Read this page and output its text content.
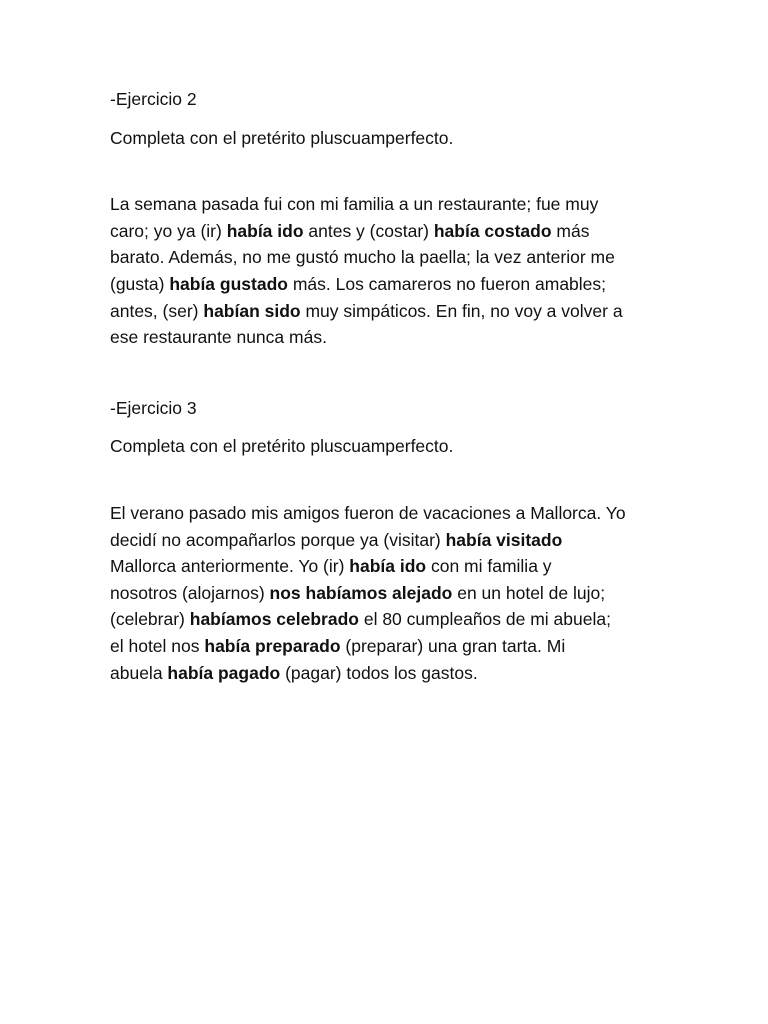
-Ejercicio 2
Completa con el pretérito pluscuamperfecto.
La semana pasada fui con mi familia a un restaurante; fue muy
caro; yo ya (ir) había ido antes y (costar) había costado más
barato. Además, no me gustó mucho la paella; la vez anterior me
(gusta) había gustado más. Los camareros no fueron amables;
antes, (ser) habían sido muy simpáticos. En fin, no voy a volver a
ese restaurante nunca más.
-Ejercicio 3
Completa con el pretérito pluscuamperfecto.
El verano pasado mis amigos fueron de vacaciones a Mallorca. Yo
decidí no acompañarlos porque ya (visitar) había visitado
Mallorca anteriormente. Yo (ir) había ido con mi familia y
nosotros (alojarnos) nos habíamos alejado en un hotel de lujo;
(celebrar) habíamos celebrado el 80 cumpleaños de mi abuela;
el hotel nos había preparado (preparar) una gran tarta. Mi
abuela había pagado (pagar) todos los gastos.
